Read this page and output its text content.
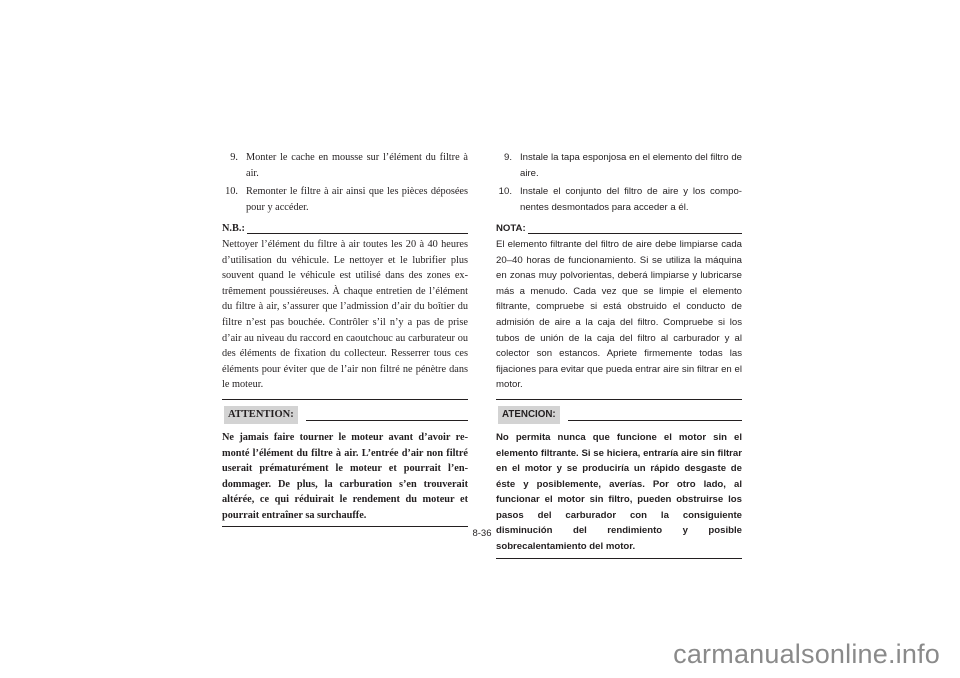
9. Monter le cache en mousse sur l’élément du filtre à air.
10. Remonter le filtre à air ainsi que les pièces déposées pour y accéder.
N.B.:
Nettoyer l’élément du filtre à air toutes les 20 à 40 heures d’utilisation du véhicule. Le nettoyer et le lubrifier plus souvent quand le véhicule est utilisé dans des zones extrêmement poussiéreuses. À chaque entretien de l’élément du filtre à air, s’assurer que l’admission d’air du boîtier du filtre n’est pas bouchée. Contrôler s’il n’y a pas de prise d’air au niveau du raccord en caoutchouc au carburateur ou des éléments de fixation du collecteur. Resserrer tous ces éléments pour éviter que de l’air non filtré ne pénètre dans le moteur.
ATTENTION:
Ne jamais faire tourner le moteur avant d’avoir remonté l’élément du filtre à air. L’entrée d’air non filtré userait prématurément le moteur et pourrait l’endommager. De plus, la carburation s’en trouverait altérée, ce qui réduirait le rendement du moteur et pourrait entraîner sa surchauffe.
9. Instale la tapa esponjosa en el elemento del filtro de aire.
10. Instale el conjunto del filtro de aire y los componentes desmontados para acceder a él.
NOTA:
El elemento filtrante del filtro de aire debe limpiarse cada 20–40 horas de funcionamiento. Si se utiliza la máquina en zonas muy polvorientas, deberá limpiarse y lubricarse más a menudo. Cada vez que se limpie el elemento filtrante, compruebe si está obstruido el conducto de admisión de aire a la caja del filtro. Compruebe si los tubos de unión de la caja del filtro al carburador y al colector son estancos. Apriete firmemente todas las fijaciones para evitar que pueda entrar aire sin filtrar en el motor.
ATENCION:
No permita nunca que funcione el motor sin el elemento filtrante. Si se hiciera, entraría aire sin filtrar en el motor y se produciría un rápido desgaste de éste y posiblemente, averías. Por otro lado, al funcionar el motor sin filtro, pueden obstruirse los pasos del carburador con la consiguiente disminución del rendimiento y posible sobrecalentamiento del motor.
8-36
carmanualsonline.info
